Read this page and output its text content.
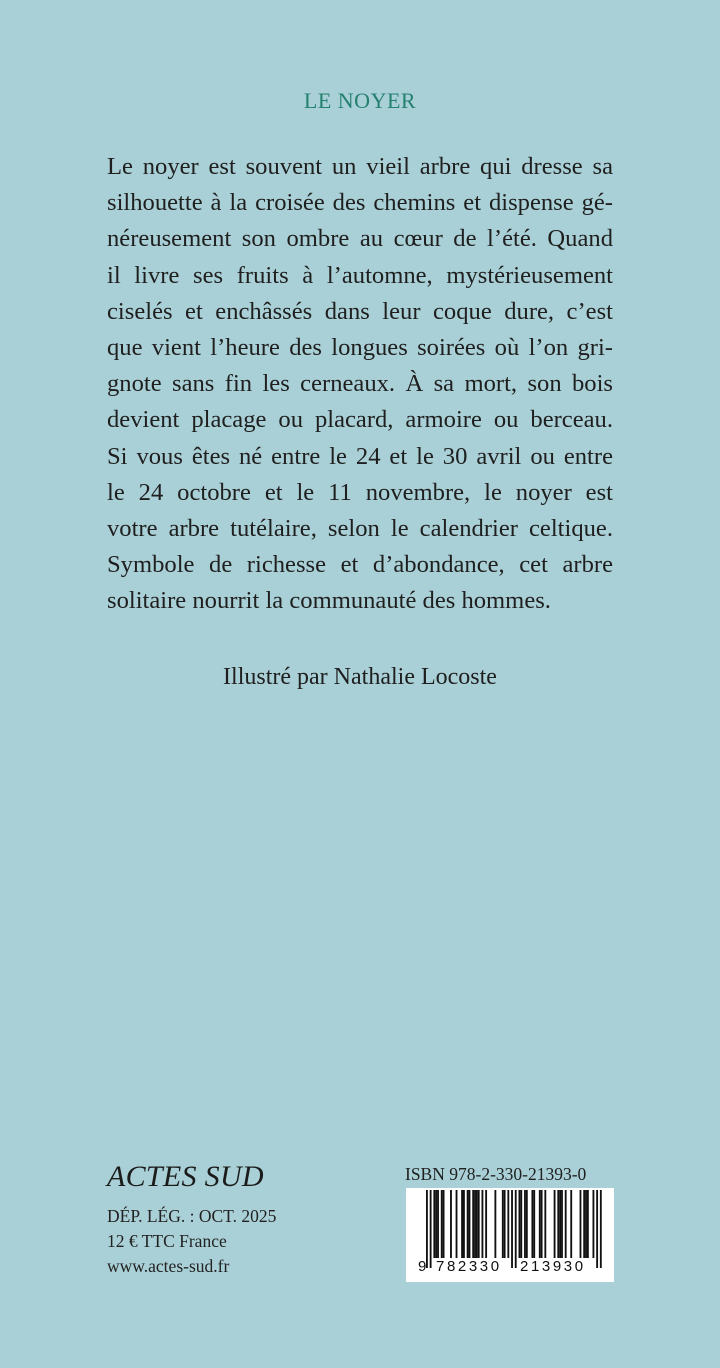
LE NOYER

Le noyer est souvent un vieil arbre qui dresse sa
silhouette à la croisée des chemins et dispense gé-
néreusement son ombre au cœur de l’été. Quand
il livre ses fruits à l’automne, mystérieusement
ciselés et enchâssés dans leur coque dure, c’est
que vient l’heure des longues soirées où l’on gri-
gnote sans fin les cerneaux. À sa mort, son bois
devient placage ou placard, armoire ou berceau.
Si vous êtes né entre le 24 et le 30 avril ou entre
le 24 octobre et le 11 novembre, le noyer est
votre arbre tutélaire, selon le calendrier celtique.
Symbole de richesse et d’abondance, cet arbre
solitaire nourrit la communauté des hommes.

Illustré par Nathalie Locoste
ACTES SUD
DÉP. LÉG. : OCT. 2025
12 € TTC France
www.actes-sud.fr
ISBN 978-2-330-21393-0
9 782330 213930
